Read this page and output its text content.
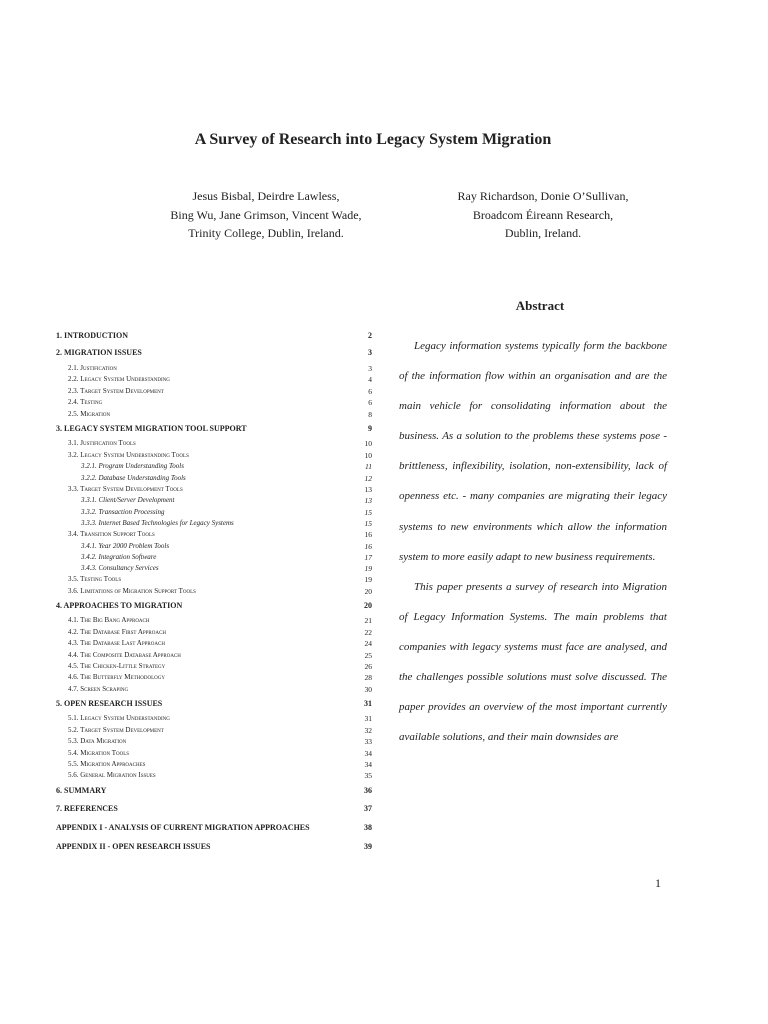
A Survey of Research into Legacy System Migration
Jesus Bisbal, Deirdre Lawless,
Bing Wu, Jane Grimson, Vincent Wade,
Trinity College, Dublin, Ireland.
Ray Richardson, Donie O’Sullivan,
Broadcom Éireann Research,
Dublin, Ireland.
Abstract

Legacy information systems typically form the backbone of the information flow within an organisation and are the main vehicle for consolidating information about the business. As a solution to the problems these systems pose - brittleness, inflexibility, isolation, non-extensibility, lack of openness etc. - many companies are migrating their legacy systems to new environments which allow the information system to more easily adapt to new business requirements.

This paper presents a survey of research into Migration of Legacy Information Systems. The main problems that companies with legacy systems must face are analysed, and the challenges possible solutions must solve discussed. The paper provides an overview of the most important currently available solutions, and their main downsides are

1. INTRODUCTION	2
2. MIGRATION ISSUES	3
2.1. Justification	3
2.2. Legacy System Understanding	4
2.3. Target System Development	6
2.4. Testing	6
2.5. Migration	8
3. LEGACY SYSTEM MIGRATION TOOL SUPPORT	9
3.1. Justification Tools	10
3.2. Legacy System Understanding Tools	10
3.2.1. Program Understanding Tools	11
3.2.2. Database Understanding Tools	12
3.3. Target System Development Tools	13
3.3.1. Client/Server Development	13
3.3.2. Transaction Processing	15
3.3.3. Internet Based Technologies for Legacy Systems	15
3.4. Transition Support Tools	16
3.4.1. Year 2000 Problem Tools	16
3.4.2. Integration Software	17
3.4.3. Consultancy Services	19
3.5. Testing Tools	19
3.6. Limitations of Migration Support Tools	20
4. APPROACHES TO MIGRATION	20
4.1. The Big Bang Approach	21
4.2. The Database First Approach	22
4.3. The Database Last Approach	24
4.4. The Composite Database Approach	25
4.5. The Chicken-Little Strategy	26
4.6. The Butterfly Methodology	28
4.7. Screen Scraping	30
5. OPEN RESEARCH ISSUES	31
5.1. Legacy System Understanding	31
5.2. Target System Development	32
5.3. Data Migration	33
5.4. Migration Tools	34
5.5. Migration Approaches	34
5.6. General Migration Issues	35
6. SUMMARY	36
7. REFERENCES	37
APPENDIX I - ANALYSIS OF CURRENT MIGRATION APPROACHES	38
APPENDIX II - OPEN RESEARCH ISSUES	39
1
